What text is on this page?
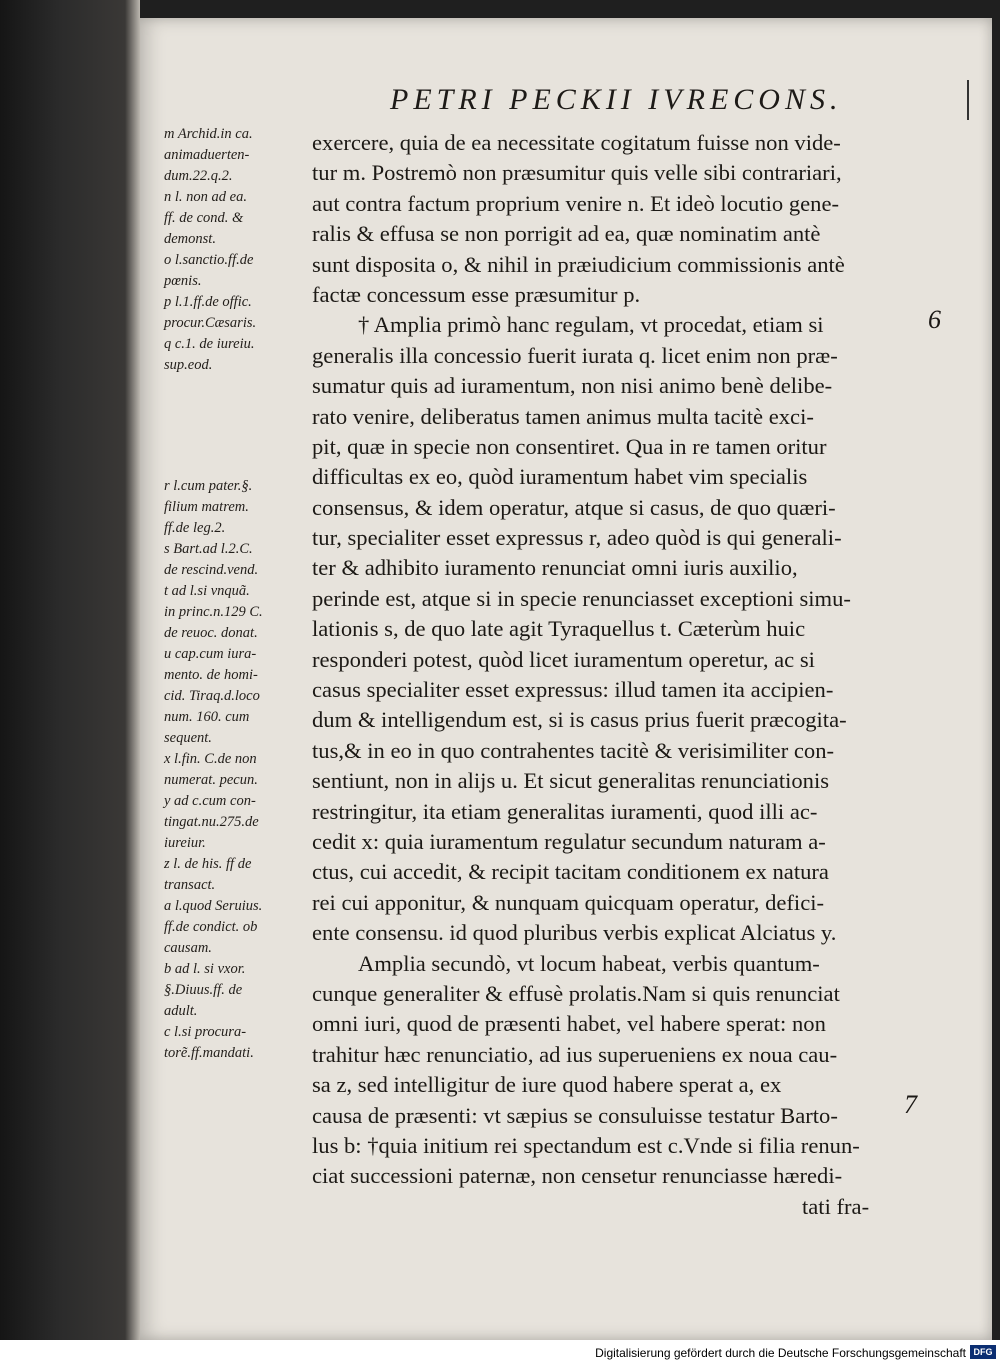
PETRI PECKII IVRECONS.
m Archid.in ca.
animaduerten-
dum.22.q.2.
n l. non ad ea.
ff. de cond. &
demonst.
o l.sanctio.ff.de
pœnis.
p l.1.ff.de offic.
procur.Cæsaris.
q c.1. de iureiu.
sup.eod.
r l.cum pater.§.
filium matrem.
ff.de leg.2.
s Bart.ad l.2.C.
de rescind.vend.
t ad l.si vnquã.
in princ.n.129 C.
de reuoc. donat.
u cap.cum iura-
mento. de homi-
cid. Tiraq.d.loco
num. 160. cum
sequent.
x l.fin. C.de non
numerat. pecun.
y ad c.cum con-
tingat.nu.275.de
iureiur.
z l. de his. ff de
transact.
a l.quod Seruius.
ff.de condict. ob
causam.
b ad l. si vxor.
§.Diuus.ff. de
adult.
c l.si procura-
torẽ.ff.mandati.
exercere, quia de ea necessitate cogitatum fuisse non vide-
tur m. Postremò non præsumitur quis velle sibi contrariari,
aut contra factum proprium venire n. Et ideò locutio gene-
ralis & effusa se non porrigit ad ea, quæ nominatim antè
sunt disposita o, & nihil in præiudicium commissionis antè
factæ concessum esse præsumitur p.
† Amplia primò hanc regulam, vt procedat, etiam si
generalis illa concessio fuerit iurata q. licet enim non præ-
sumatur quis ad iuramentum, non nisi animo benè delibe-
rato venire, deliberatus tamen animus multa tacitè exci-
pit, quæ in specie non consentiret. Qua in re tamen oritur
difficultas ex eo, quòd iuramentum habet vim specialis
consensus, & idem operatur, atque si casus, de quo quæri-
tur, specialiter esset expressus r, adeo quòd is qui generali-
ter & adhibito iuramento renunciat omni iuris auxilio,
perinde est, atque si in specie renunciasset exceptioni simu-
lationis s, de quo late agit Tyraquellus t. Cæterùm huic
responderi potest, quòd licet iuramentum operetur, ac si
casus specialiter esset expressus: illud tamen ita accipien-
dum & intelligendum est, si is casus prius fuerit præcogita-
tus,& in eo in quo contrahentes tacitè & verisimiliter con-
sentiunt, non in alijs u. Et sicut generalitas renunciationis
restringitur, ita etiam generalitas iuramenti, quod illi ac-
cedit x: quia iuramentum regulatur secundum naturam a-
ctus, cui accedit, & recipit tacitam conditionem ex natura
rei cui apponitur, & nunquam quicquam operatur, defici-
ente consensu. id quod pluribus verbis explicat Alciatus y.
Amplia secundò, vt locum habeat, verbis quantum-
cunque generaliter & effusè prolatis.Nam si quis renunciat
omni iuri, quod de præsenti habet, vel habere sperat: non
trahitur hæc renunciatio, ad ius superueniens ex noua cau-
sa z, sed intelligitur de iure quod habere sperat a, ex
causa de præsenti: vt sæpius se consuluisse testatur Barto-
lus b: †quia initium rei spectandum est c.Vnde si filia renun-
ciat successioni paternæ, non censetur renunciasse hæredi-
tati fra-
6
7
Digitalisierung gefördert durch die Deutsche Forschungsgemeinschaft DFG
